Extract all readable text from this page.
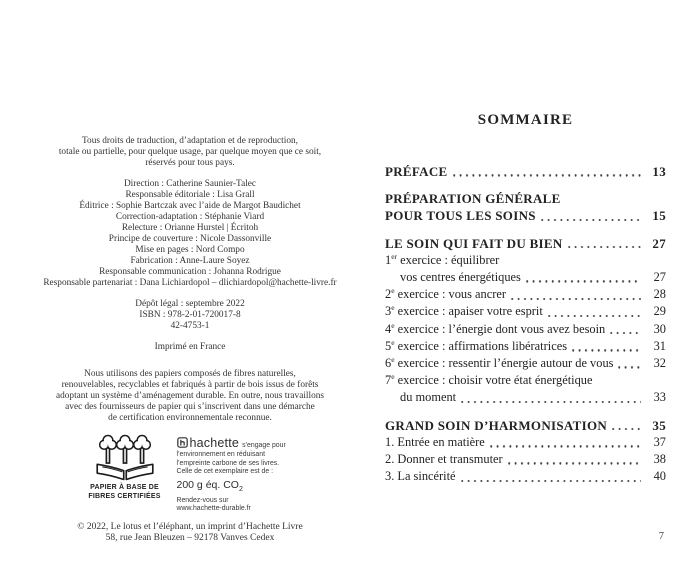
Tous droits de traduction, d’adaptation et de reproduction,
totale ou partielle, pour quelque usage, par quelque moyen que ce soit,
réservés pour tous pays.
Direction : Catherine Saunier-Talec
Responsable éditoriale : Lisa Grall
Éditrice : Sophie Bartczak avec l’aide de Margot Baudichet
Correction-adaptation : Stéphanie Viard
Relecture : Orianne Hurstel | Écritoh
Principe de couverture : Nicole Dassonville
Mise en pages : Nord Compo
Fabrication : Anne-Laure Soyez
Responsable communication : Johanna Rodrigue
Responsable partenariat : Dana Lichiardopol – dlichiardopol@hachette-livre.fr
Dépôt légal : septembre 2022
ISBN : 978-2-01-720017-8
42-4753-1
Imprimé en France
Nous utilisons des papiers composés de fibres naturelles,
renouvelables, recyclables et fabriqués à partir de bois issus de forêts
adoptant un système d’aménagement durable. En outre, nous travaillons
avec des fournisseurs de papier qui s’inscrivent dans une démarche
de certification environnementale reconnue.
PAPIER À BASE DE
FIBRES CERTIFIÉES
hachette s’engage pour
l’environnement en réduisant
l’empreinte carbone de ses livres.
Celle de cet exemplaire est de :
200 g éq. $CO_2$
Rendez-vous sur
www.hachette-durable.fr
© 2022, Le lotus et l’éléphant, un imprint d’Hachette Livre
58, rue Jean Bleuzen – 92178 Vanves Cedex
SOMMAIRE
PRÉFACE	13
PRÉPARATION GÉNÉRALE
POUR TOUS LES SOINS	15
LE SOIN QUI FAIT DU BIEN	27
1er exercice : équilibrer
vos centres énergétiques	27
2e exercice : vous ancrer	28
3e exercice : apaiser votre esprit	29
4e exercice : l’énergie dont vous avez besoin	30
5e exercice : affirmations libératrices	31
6e exercice : ressentir l’énergie autour de vous	32
7e exercice : choisir votre état énergétique
du moment	33
GRAND SOIN D’HARMONISATION	35
1. Entrée en matière	37
2. Donner et transmuter	38
3. La sincérité	40
7
